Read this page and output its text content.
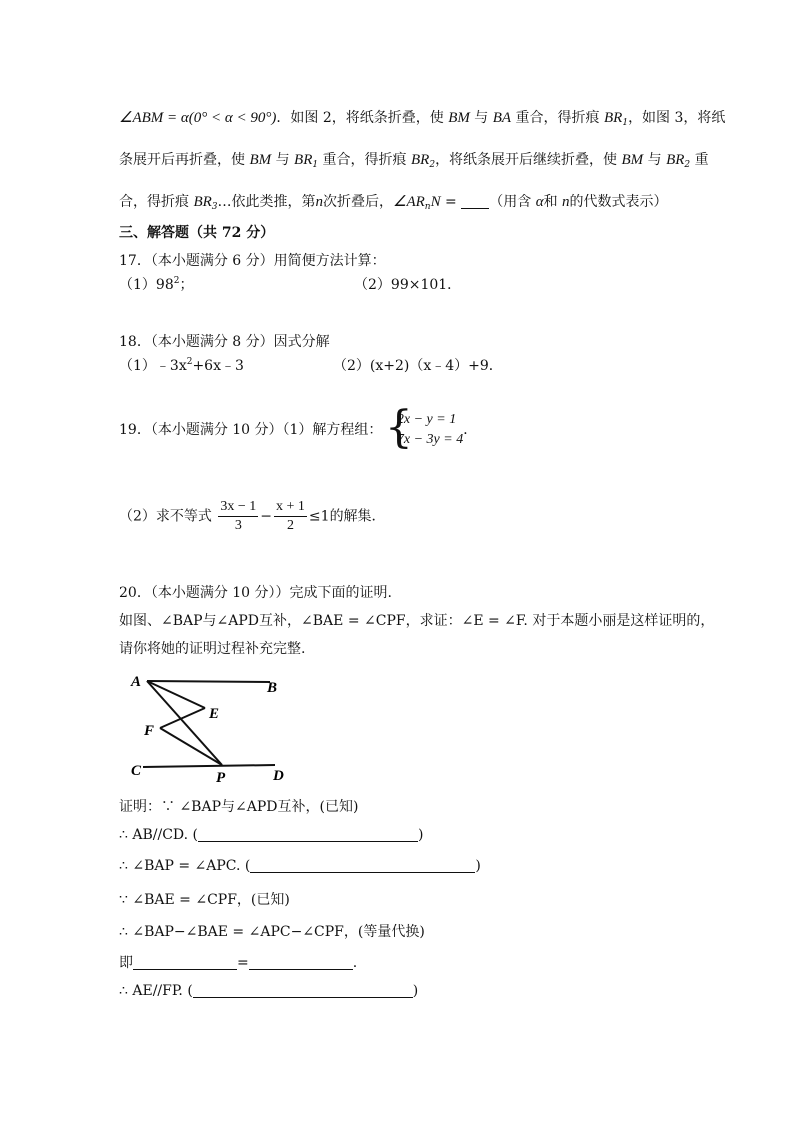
∠ABM = α(0° < α < 90°)．如图 2，将纸条折叠，使 BM 与 BA 重合，得折痕 $BR_1$，如图 3，将纸
条展开后再折叠，使 BM 与 $BR_1$ 重合，得折痕 $BR_2$，将纸条展开后继续折叠，使 BM 与 $BR_2$ 重
合，得折痕 $BR_3\dots$依此类推，第n次折叠后，$\angle AR_nN$ = （用含 α和 n的代数式表示）
三、解答题（共 72 分）
17．（本小题满分 6 分）用简便方法计算：
$(1)98^2$；	（2）99×101．
18．（本小题满分 8 分）因式分解
$(1)﹣3x^2+6x﹣3$	（2）(x+2)（x﹣4）+9．
19．（本小题满分 10 分）（1）解方程组： {
2x − y = 1
7x − 3y = 4
．
（2）求不等式 $\frac{3x - 1}{3} - \frac{x + 1}{2} \le 1$的解集．
20．（本小题满分 10 分））完成下面的证明.
如图、∠BAP与∠APD互补，∠BAE = ∠CPF，求证：∠E = ∠F. 对于本题小丽是这样证明的，
请你将她的证明过程补充完整.
A	B
E
F
C	P	D
证明：∵ ∠BAP与∠APD互补，(已知)
∴ AB//CD. (	)
∴ ∠BAP = ∠APC. (	)
∵ ∠BAE = ∠CPF，(已知)
∴ ∠BAP−∠BAE = ∠APC−∠CPF，(等量代换)
即	=	.
∴ AE//FP. (	)
